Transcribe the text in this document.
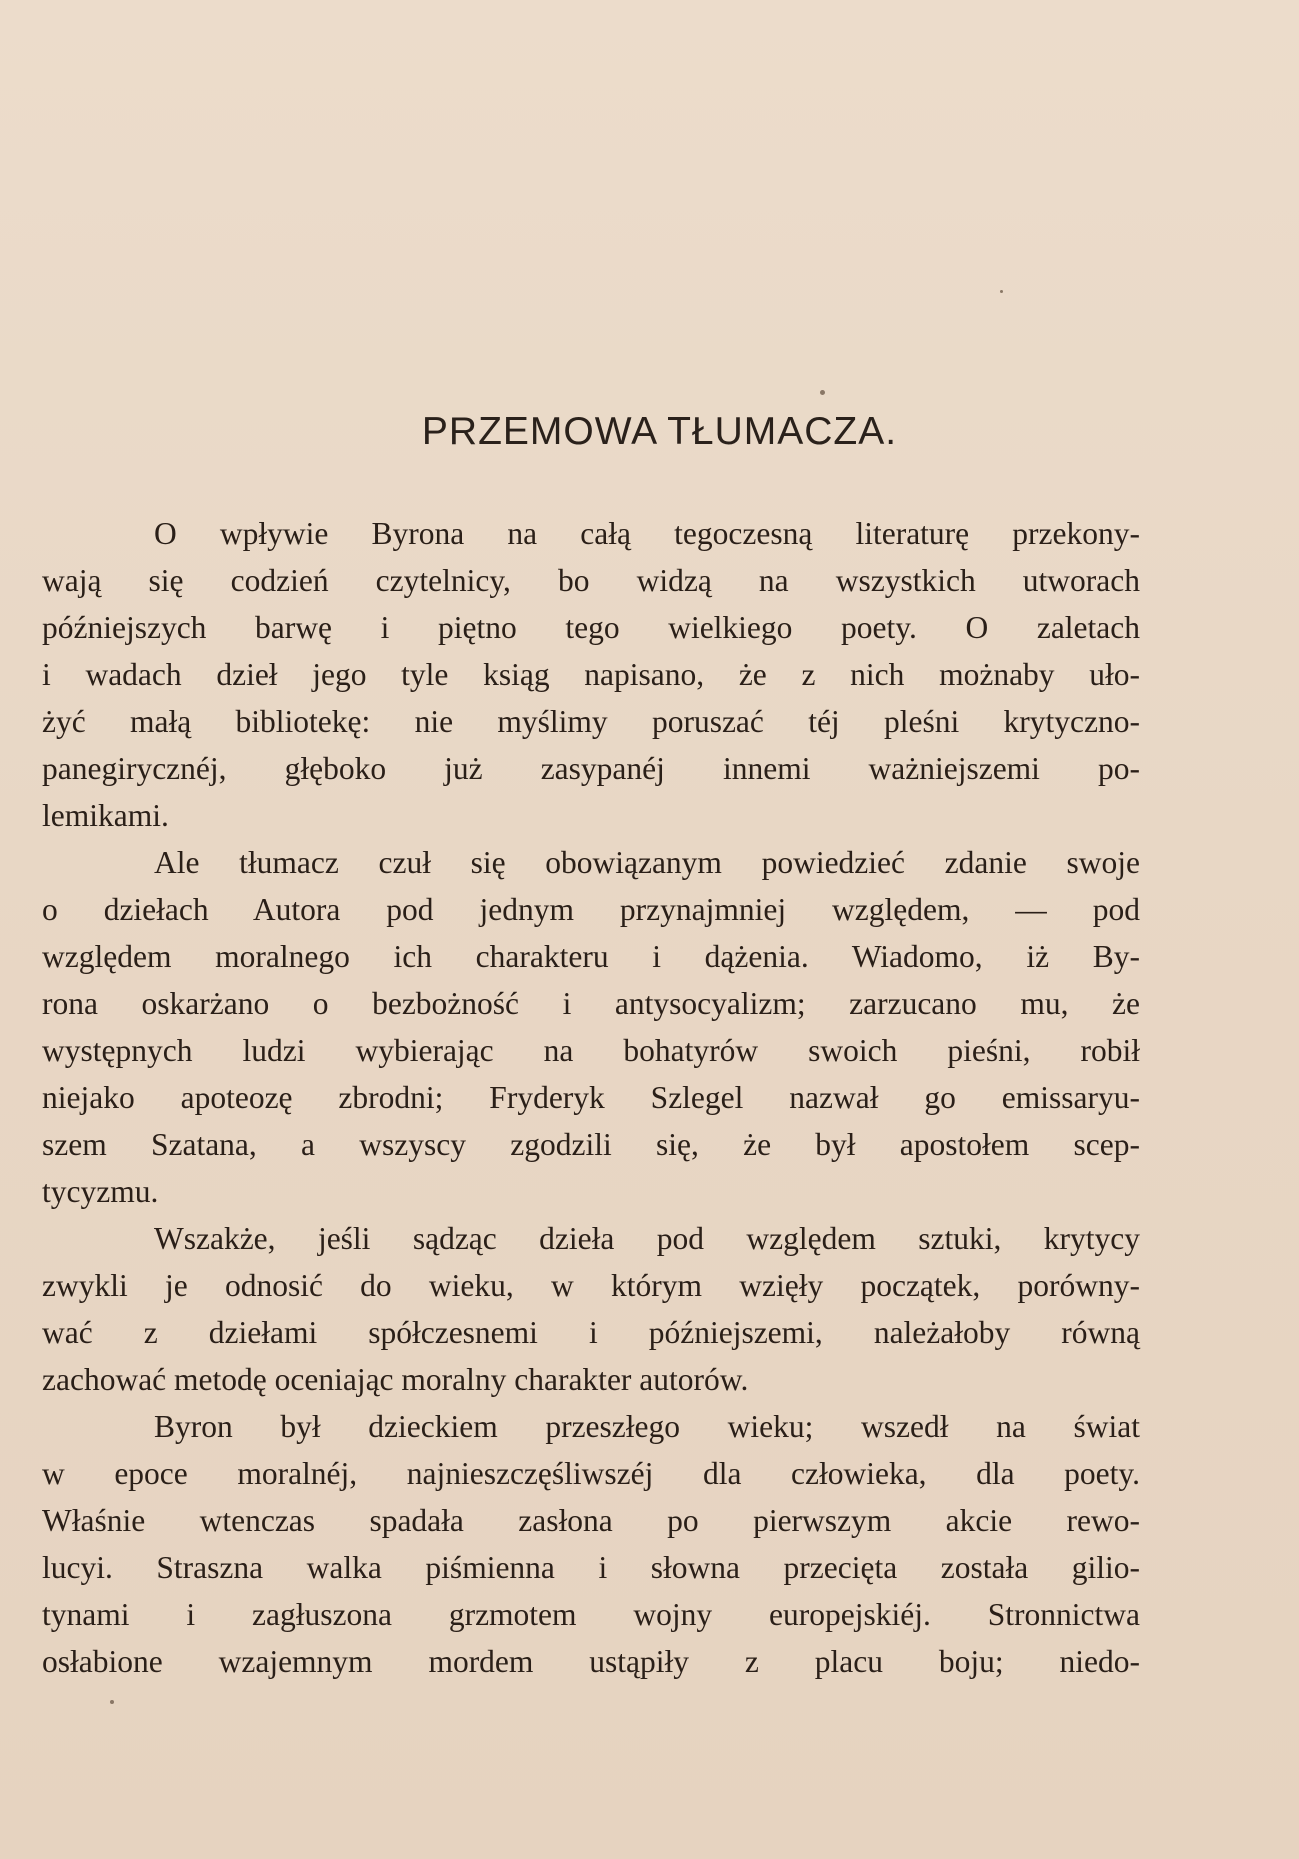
PRZEMOWA TŁUMACZA.
O wpływie Byrona na całą tegoczesną literaturę przekony-
wają się codzień czytelnicy, bo widzą na wszystkich utworach
późniejszych barwę i piętno tego wielkiego poety. O zaletach
i wadach dzieł jego tyle ksiąg napisano, że z nich możnaby uło-
żyć małą bibliotekę: nie myślimy poruszać téj pleśni krytyczno-
panegirycznéj, głęboko już zasypanéj innemi ważniejszemi po-
lemikami.
Ale tłumacz czuł się obowiązanym powiedzieć zdanie swoje
o dziełach Autora pod jednym przynajmniej względem, — pod
względem moralnego ich charakteru i dążenia. Wiadomo, iż By-
rona oskarżano o bezbożność i antysocyalizm; zarzucano mu, że
występnych ludzi wybierając na bohatyrów swoich pieśni, robił
niejako apoteozę zbrodni; Fryderyk Szlegel nazwał go emissaryu-
szem Szatana, a wszyscy zgodzili się, że był apostołem scep-
tycyzmu.
Wszakże, jeśli sądząc dzieła pod względem sztuki, krytycy
zwykli je odnosić do wieku, w którym wzięły początek, porówny-
wać z dziełami spółczesnemi i późniejszemi, należałoby równą
zachować metodę oceniając moralny charakter autorów.
Byron był dzieckiem przeszłego wieku; wszedł na świat
w epoce moralnéj, najnieszczęśliwszéj dla człowieka, dla poety.
Właśnie wtenczas spadała zasłona po pierwszym akcie rewo-
lucyi. Straszna walka piśmienna i słowna przecięta została gilio-
tynami i zagłuszona grzmotem wojny europejskiéj. Stronnictwa
osłabione wzajemnym mordem ustąpiły z placu boju; niedo-
